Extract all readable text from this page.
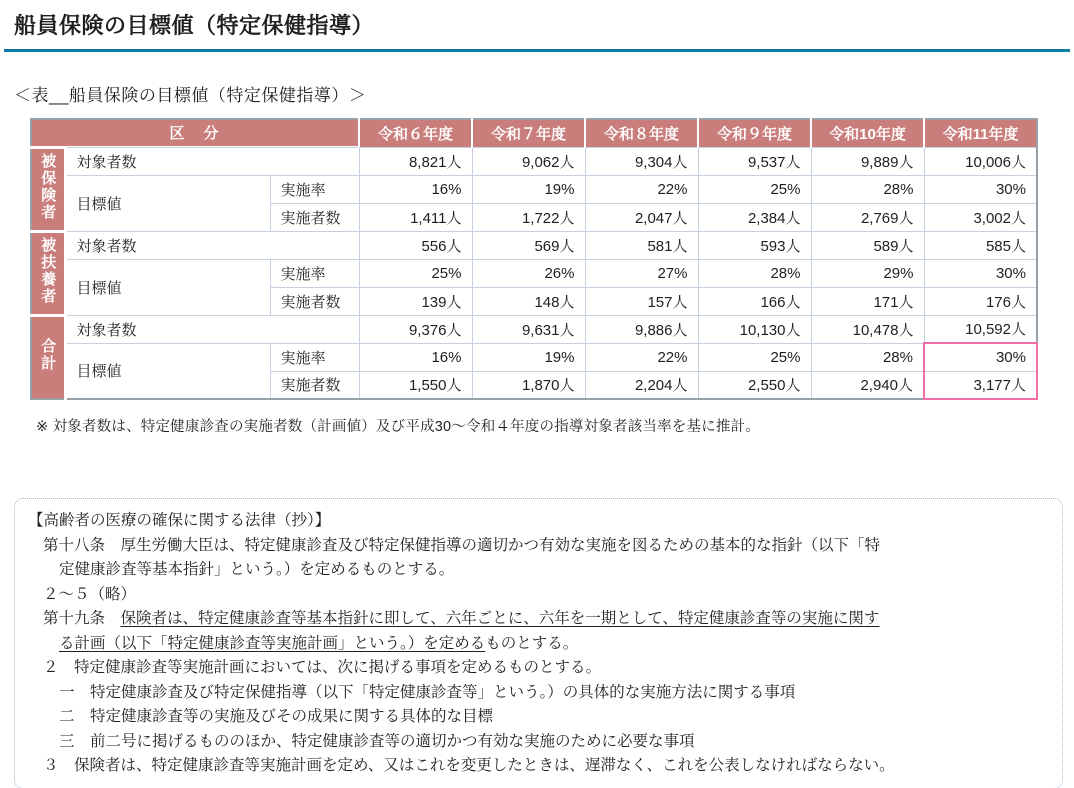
船員保険の目標値（特定保健指導）
＜表__船員保険の目標値（特定保健指導）＞
区　分			令和６年度	令和７年度	令和８年度	令和９年度	令和10年度	令和11年度
被保険者	対象者数		8,821人	9,062人	9,304人	9,537人	9,889人	10,006人
	目標値	実施率	16%	19%	22%	25%	28%	30%
		実施者数	1,411人	1,722人	2,047人	2,384人	2,769人	3,002人
被扶養者	対象者数		556人	569人	581人	593人	589人	585人
	目標値	実施率	25%	26%	27%	28%	29%	30%
		実施者数	139人	148人	157人	166人	171人	176人
合計	対象者数		9,376人	9,631人	9,886人	10,130人	10,478人	10,592人
	目標値	実施率	16%	19%	22%	25%	28%	30%
		実施者数	1,550人	1,870人	2,204人	2,550人	2,940人	3,177人
※ 対象者数は、特定健康診査の実施者数（計画値）及び平成30～令和４年度の指導対象者該当率を基に推計。
【高齢者の医療の確保に関する法律（抄）】
第十八条　厚生労働大臣は、特定健康診査及び特定保健指導の適切かつ有効な実施を図るための基本的な指針（以下「特
定健康診査等基本指針」という。）を定めるものとする。
２～５（略）
第十九条　保険者は、特定健康診査等基本指針に即して、六年ごとに、六年を一期として、特定健康診査等の実施に関す
る計画（以下「特定健康診査等実施計画」という。）を定めるものとする。
２　特定健康診査等実施計画においては、次に掲げる事項を定めるものとする。
一　特定健康診査及び特定保健指導（以下「特定健康診査等」という。）の具体的な実施方法に関する事項
二　特定健康診査等の実施及びその成果に関する具体的な目標
三　前二号に掲げるもののほか、特定健康診査等の適切かつ有効な実施のために必要な事項
３　保険者は、特定健康診査等実施計画を定め、又はこれを変更したときは、遅滞なく、これを公表しなければならない。
